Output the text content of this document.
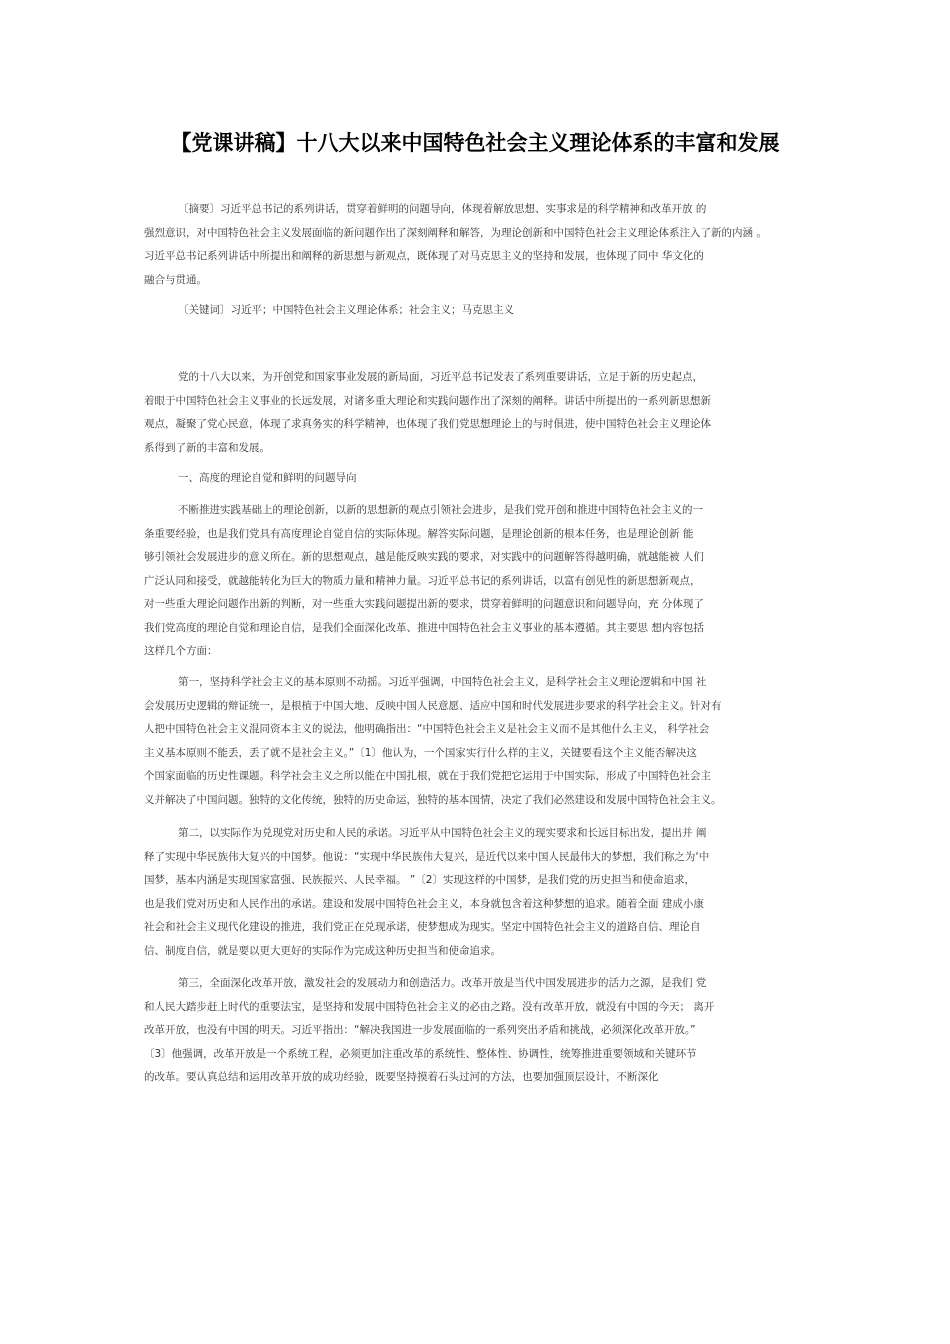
【党课讲稿】十八大以来中国特色社会主义理论体系的丰富和发展
〔摘要〕习近平总书记的系列讲话，贯穿着鲜明的问题导向，体现着解放思想、实事求是的科学精神和改革开放 的
强烈意识，对中国特色社会主义发展面临的新问题作出了深刻阐释和解答，为理论创新和中国特色社会主义理论体系注入了新的内涵 。
习近平总书记系列讲话中所提出和阐释的新思想与新观点，既体现了对马克思主义的坚持和发展，也体现了同中 华文化的
融合与贯通。
〔关键词〕习近平；中国特色社会主义理论体系；社会主义；马克思主义
党的十八大以来，为开创党和国家事业发展的新局面，习近平总书记发表了系列重要讲话，立足于新的历史起点，
着眼于中国特色社会主义事业的长远发展，对诸多重大理论和实践问题作出了深刻的阐释。讲话中所提出的一系列新思想新
观点，凝聚了党心民意，体现了求真务实的科学精神，也体现了我们党思想理论上的与时俱进，使中国特色社会主义理论体
系得到了新的丰富和发展。
一、高度的理论自觉和鲜明的问题导向
不断推进实践基础上的理论创新，以新的思想新的观点引领社会进步，是我们党开创和推进中国特色社会主义的一
条重要经验，也是我们党具有高度理论自觉自信的实际体现。解答实际问题，是理论创新的根本任务，也是理论创新 能
够引领社会发展进步的意义所在。新的思想观点，越是能反映实践的要求，对实践中的问题解答得越明确，就越能被 人们
广泛认同和接受，就越能转化为巨大的物质力量和精神力量。习近平总书记的系列讲话，以富有创见性的新思想新观点，
对一些重大理论问题作出新的判断，对一些重大实践问题提出新的要求，贯穿着鲜明的问题意识和问题导向，充 分体现了
我们党高度的理论自觉和理论自信，是我们全面深化改革、推进中国特色社会主义事业的基本遵循。其主要思 想内容包括
这样几个方面：
第一，坚持科学社会主义的基本原则不动摇。习近平强调，中国特色社会主义，是科学社会主义理论逻辑和中国 社
会发展历史逻辑的辩证统一，是根植于中国大地、反映中国人民意愿、适应中国和时代发展进步要求的科学社会主义。针对有
人把中国特色社会主义混同资本主义的说法，他明确指出：“中国特色社会主义是社会主义而不是其他什么主义， 科学社会
主义基本原则不能丢，丢了就不是社会主义。”〔1〕他认为，一个国家实行什么样的主义，关键要看这个主义能否解决这
个国家面临的历史性课题。科学社会主义之所以能在中国扎根，就在于我们党把它运用于中国实际，形成了中国特色社会主
义并解决了中国问题。独特的文化传统，独特的历史命运，独特的基本国情，决定了我们必然建设和发展中国特色社会主义。
第二，以实际作为兑现党对历史和人民的承诺。习近平从中国特色社会主义的现实要求和长远目标出发，提出并 阐
释了实现中华民族伟大复兴的中国梦。他说：“实现中华民族伟大复兴，是近代以来中国人民最伟大的梦想，我们称之为‘中
国梦，基本内涵是实现国家富强、民族振兴、人民幸福。 ”〔2〕实现这样的中国梦，是我们党的历史担当和使命追求，
也是我们党对历史和人民作出的承诺。建设和发展中国特色社会主义，本身就包含着这种梦想的追求。随着全面 建成小康
社会和社会主义现代化建设的推进，我们党正在兑现承诺，使梦想成为现实。坚定中国特色社会主义的道路自信、理论自
信、制度自信，就是要以更大更好的实际作为完成这种历史担当和使命追求。
第三，全面深化改革开放，激发社会的发展动力和创造活力。改革开放是当代中国发展进步的活力之源，是我们 党
和人民大踏步赶上时代的重要法宝，是坚持和发展中国特色社会主义的必由之路。没有改革开放，就没有中国的今天； 离开
改革开放，也没有中国的明天。习近平指出：“解决我国进一步发展面临的一系列突出矛盾和挑战，必须深化改革开放。”
〔3〕他强调，改革开放是一个系统工程，必须更加注重改革的系统性、整体性、协调性，统筹推进重要领域和关键环节
的改革。要认真总结和运用改革开放的成功经验，既要坚持摸着石头过河的方法，也要加强顶层设计，不断深化
